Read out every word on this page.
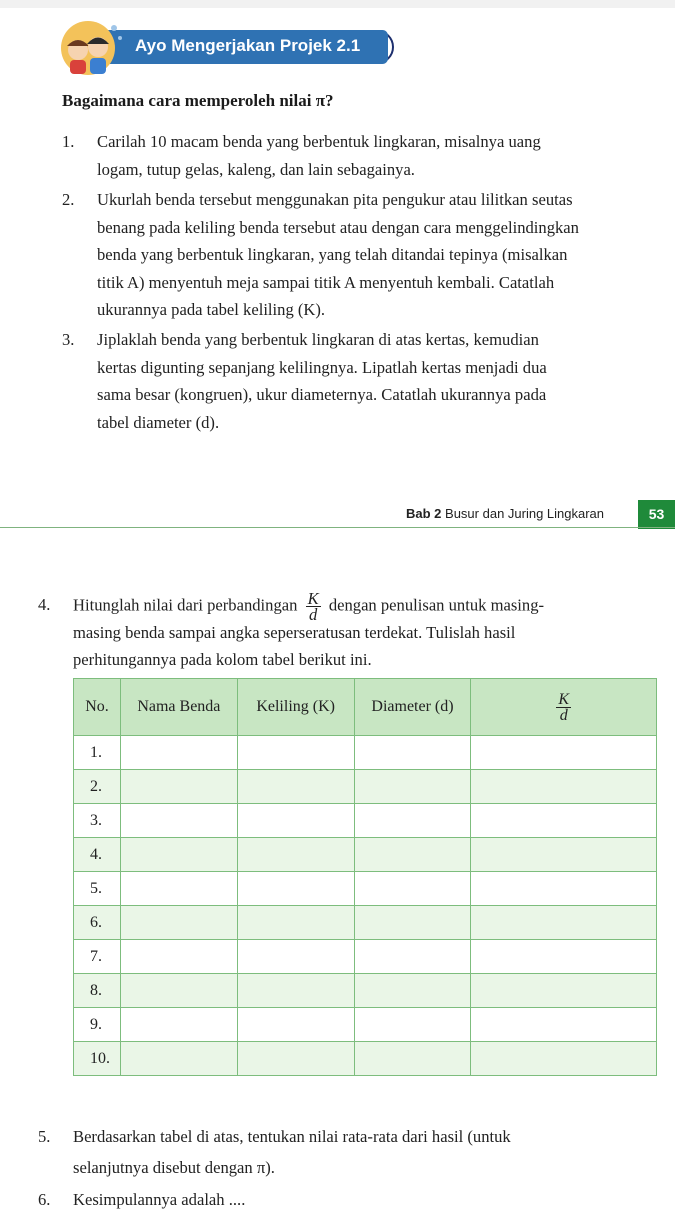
Ayo Mengerjakan Projek 2.1
Bagaimana cara memperoleh nilai π?
1. Carilah 10 macam benda yang berbentuk lingkaran, misalnya uang
logam, tutup gelas, kaleng, dan lain sebagainya.
2. Ukurlah benda tersebut menggunakan pita pengukur atau lilitkan seutas
benang pada keliling benda tersebut atau dengan cara menggelindingkan
benda yang berbentuk lingkaran, yang telah ditandai tepinya (misalkan
titik A) menyentuh meja sampai titik A menyentuh kembali. Catatlah
ukurannya pada tabel keliling (K).
3. Jiplaklah benda yang berbentuk lingkaran di atas kertas, kemudian
kertas digunting sepanjang kelilingnya. Lipatlah kertas menjadi dua
sama besar (kongruen), ukur diameternya. Catatlah ukurannya pada
tabel diameter (d).
Bab 2 Busur dan Juring Lingkaran	53
4. Hitunglah nilai dari perbandingan $\frac{K}{d}$ dengan penulisan untuk masing-
masing benda sampai angka seperseratusan terdekat. Tulislah hasil
perhitungannya pada kolom tabel berikut ini.
No.	Nama Benda	Keliling (K)	Diameter (d)	$\frac{K}{d}$

1.				
2.				
3.				
4.				
5.				
6.				
7.				
8.				
9.				
10.				
5. Berdasarkan tabel di atas, tentukan nilai rata-rata dari hasil (untuk
selanjutnya disebut dengan π).
6. Kesimpulannya adalah ....
